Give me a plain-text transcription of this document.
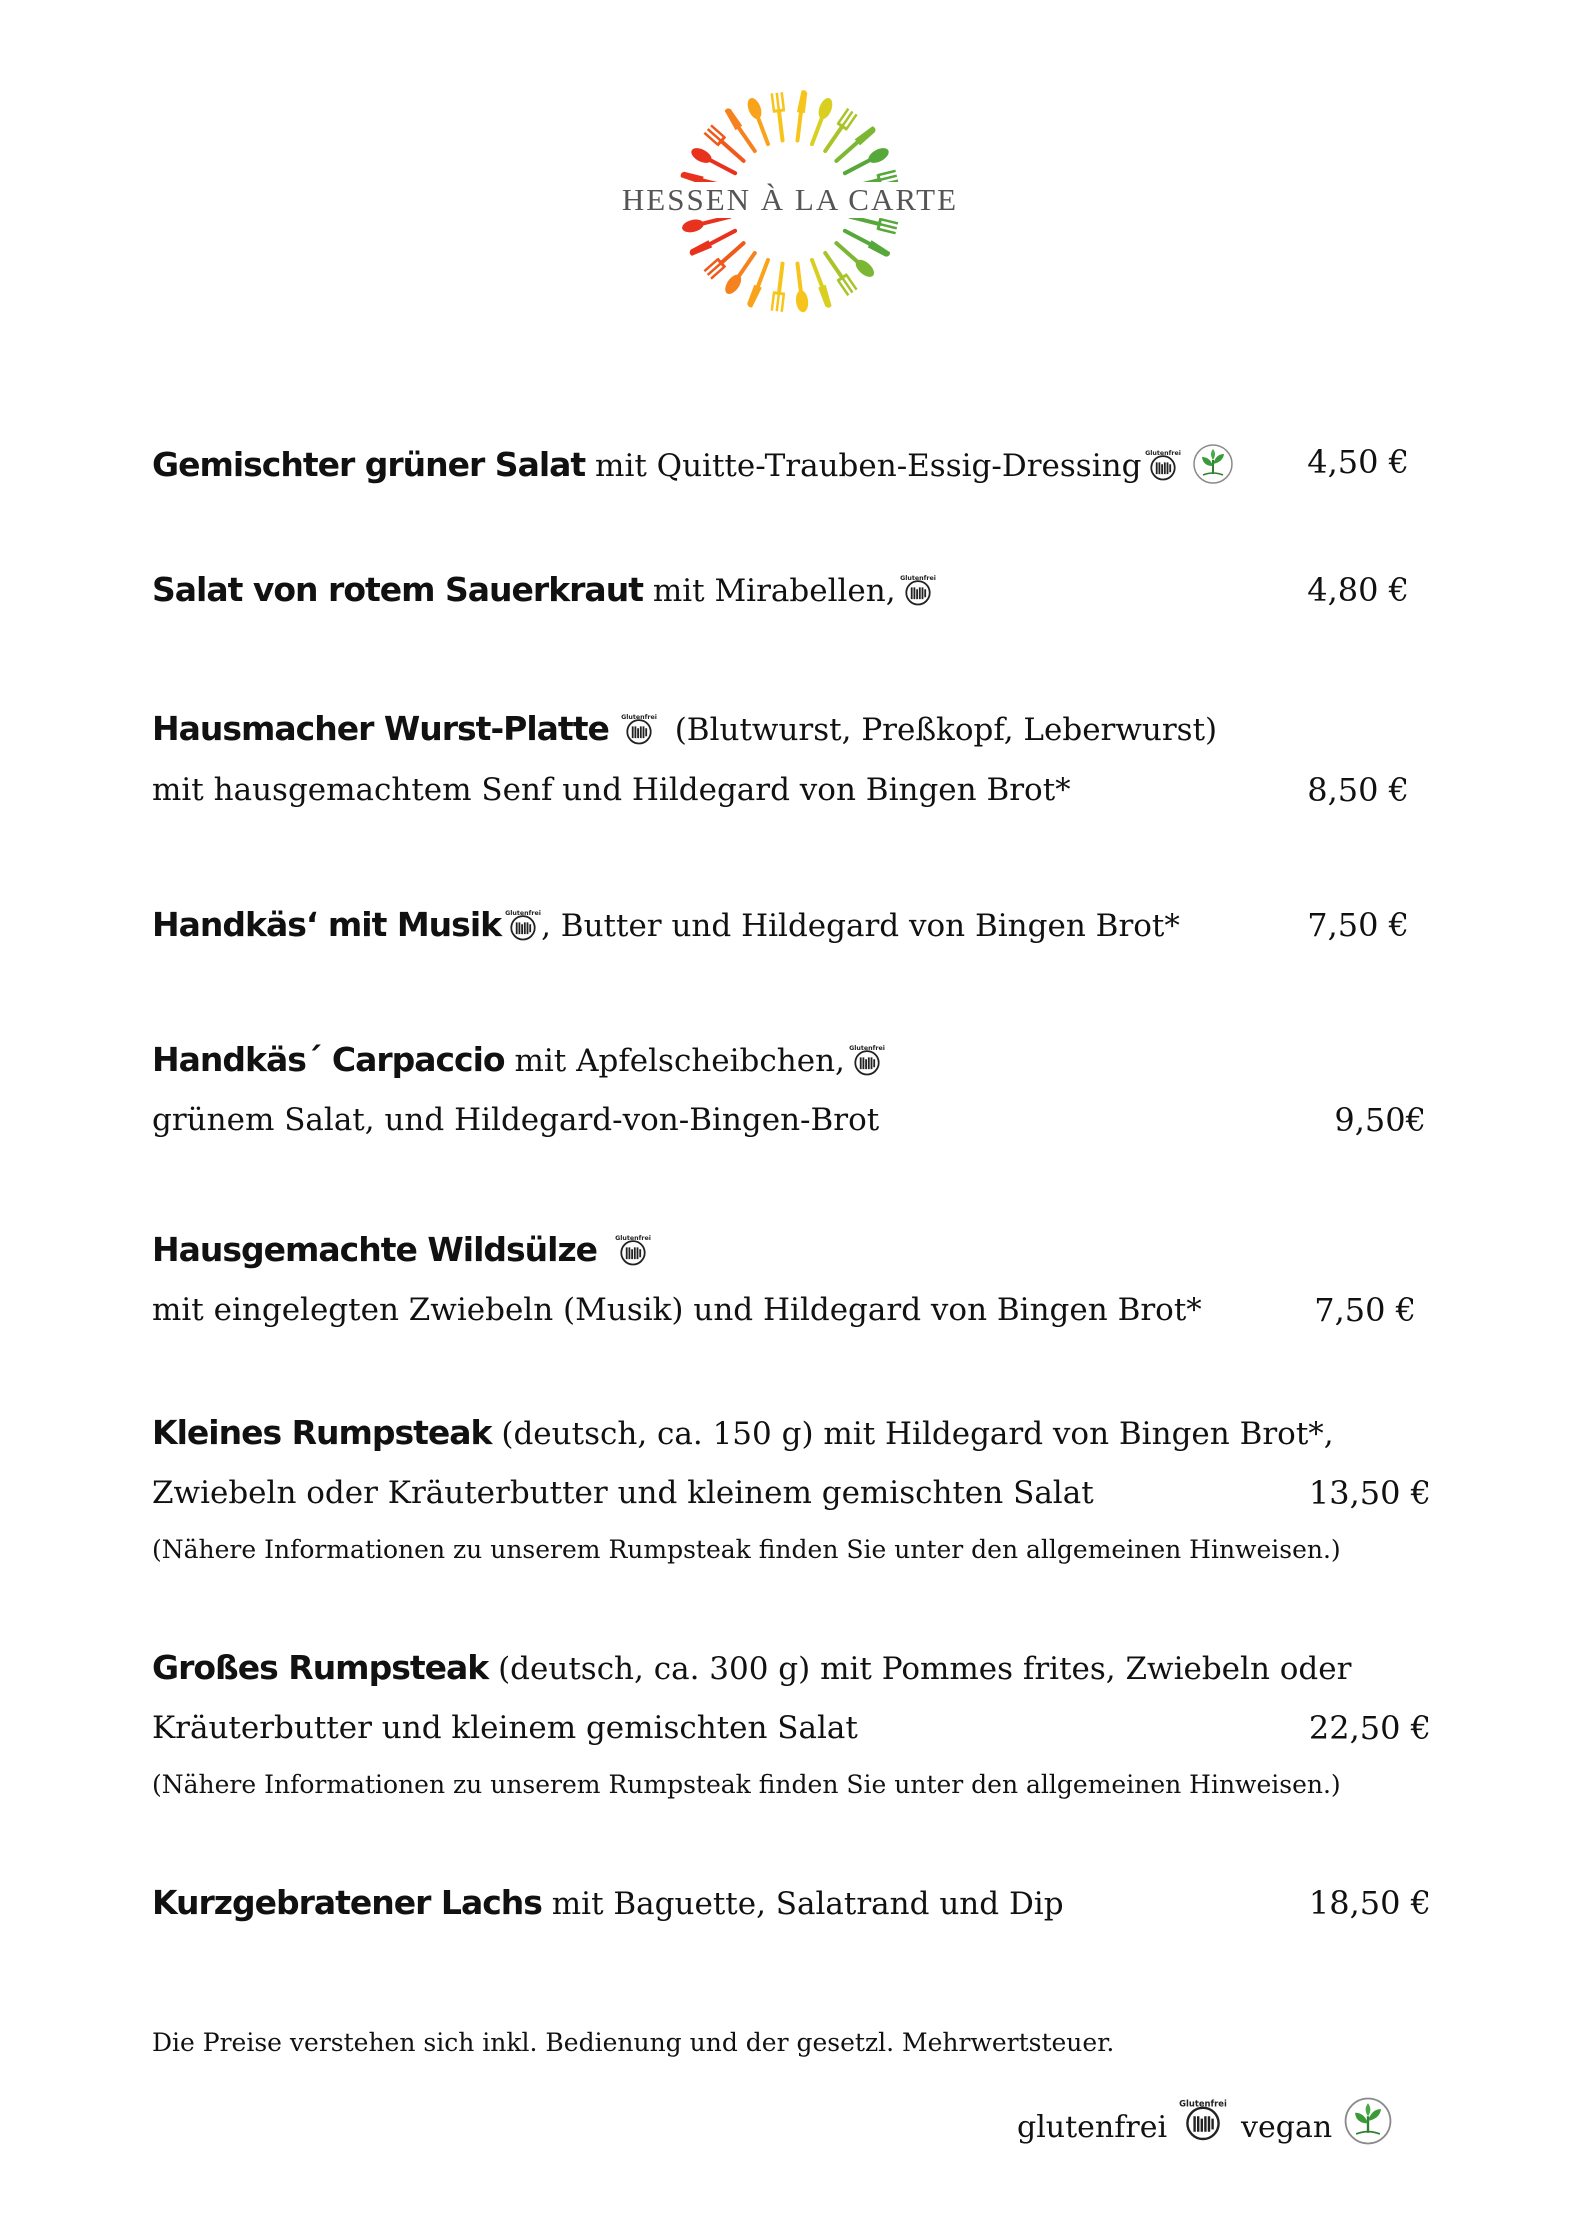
HESSEN À LA CARTE
Gemischter grüner Salat mit Quitte-Trauben-Essig-Dressing	4,50 €
Salat von rotem Sauerkraut mit Mirabellen,	4,80 €
Hausmacher Wurst-Platte (Blutwurst, Preßkopf, Leberwurst)
mit hausgemachtem Senf und Hildegard von Bingen Brot*	8,50 €
Handkäs‘ mit Musik , Butter und Hildegard von Bingen Brot*	7,50 €
Handkäs´ Carpaccio mit Apfelscheibchen,
grünem Salat, und Hildegard-von-Bingen-Brot	9,50€
Hausgemachte Wildsülze
mit eingelegten Zwiebeln (Musik) und Hildegard von Bingen Brot*	7,50 €
Kleines Rumpsteak (deutsch, ca. 150 g) mit Hildegard von Bingen Brot*,
Zwiebeln oder Kräuterbutter und kleinem gemischten Salat	13,50 €
(Nähere Informationen zu unserem Rumpsteak finden Sie unter den allgemeinen Hinweisen.)
Großes Rumpsteak (deutsch, ca. 300 g) mit Pommes frites, Zwiebeln oder
Kräuterbutter und kleinem gemischten Salat	22,50 €
(Nähere Informationen zu unserem Rumpsteak finden Sie unter den allgemeinen Hinweisen.)
Kurzgebratener Lachs mit Baguette, Salatrand und Dip	18,50 €
Die Preise verstehen sich inkl. Bedienung und der gesetzl. Mehrwertsteuer.
glutenfrei vegan
